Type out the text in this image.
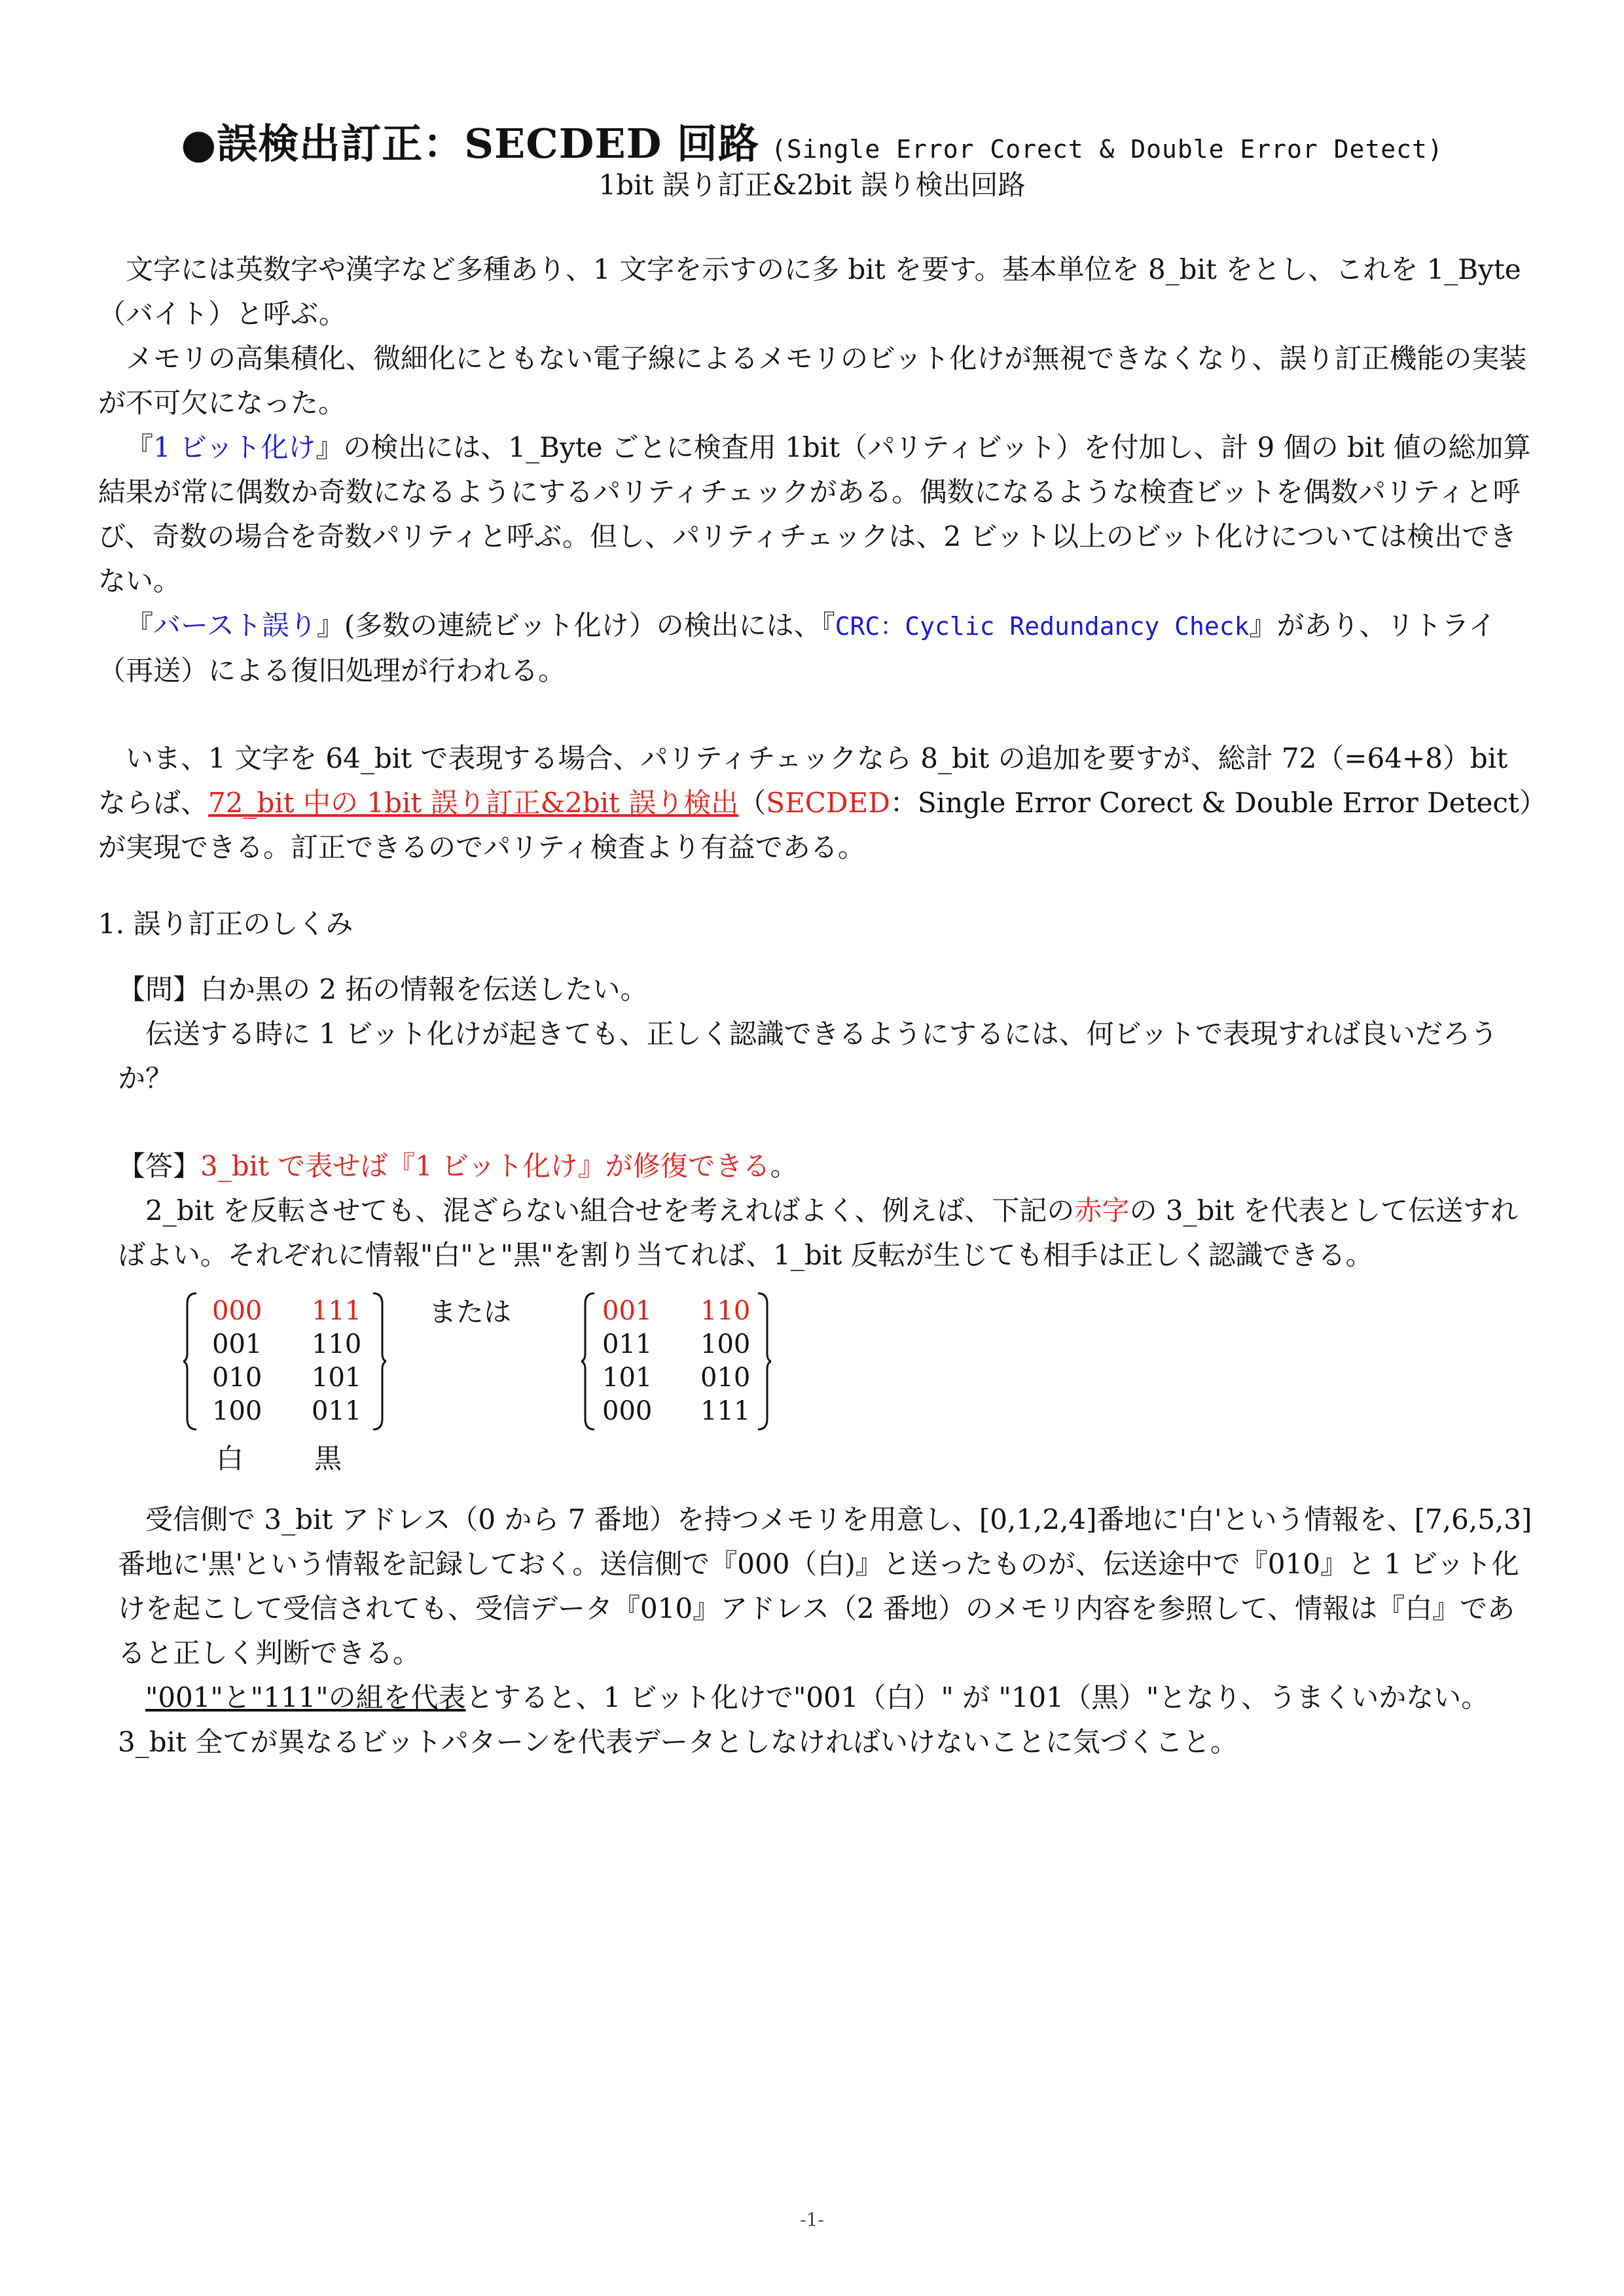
●誤検出訂正：SECDED 回路 (Single Error Corect & Double Error Detect)
1bit 誤り訂正&2bit 誤り検出回路

文字には英数字や漢字など多種あり、1 文字を示すのに多 bit を要す。基本単位を 8_bit をとし、これを 1_Byte（バイト）と呼ぶ。

メモリの高集積化、微細化にともない電子線によるメモリのビット化けが無視できなくなり、誤り訂正機能の実装が不可欠になった。

『1 ビット化け』の検出には、1_Byte ごとに検査用 1bit（パリティビット）を付加し、計 9 個の bit 値の総加算結果が常に偶数か奇数になるようにするパリティチェックがある。偶数になるような検査ビットを偶数パリティと呼び、奇数の場合を奇数パリティと呼ぶ。但し、パリティチェックは、2 ビット以上のビット化けについては検出できない。

『バースト誤り』(多数の連続ビット化け）の検出には、『CRC：Cyclic Redundancy Check』があり、リトライ（再送）による復旧処理が行われる。

いま、1 文字を 64_bit で表現する場合、パリティチェックなら 8_bit の追加を要すが、総計 72（=64+8）bit ならば、72_bit 中の 1bit 誤り訂正&2bit 誤り検出（SECDED：Single Error Corect & Double Error Detect）が実現できる。訂正できるのでパリティ検査より有益である。

1. 誤り訂正のしくみ

【問】白か黒の 2 拓の情報を伝送したい。

伝送する時に 1 ビット化けが起きても、正しく認識できるようにするには、何ビットで表現すれば良いだろうか？

【答】3_bit で表せば『1 ビット化け』が修復できる。

2_bit を反転させても、混ざらない組合せを考えればよく、例えば、下記の赤字の 3_bit を代表として伝送すればよい。それぞれに情報"白"と"黒"を割り当てれば、1_bit 反転が生じても相手は正しく認識できる。

000 111
001 110
010 101
100 011
白	黒
または	001 110
011 100
101 010
000 111

受信側で 3_bit アドレス（0 から 7 番地）を持つメモリを用意し、[0,1,2,4]番地に'白'という情報を、[7,6,5,3]番地に'黒'という情報を記録しておく。送信側で『000（白)』と送ったものが、伝送途中で『010』と 1 ビット化けを起こして受信されても、受信データ『010』アドレス（2 番地）のメモリ内容を参照して、情報は『白』であると正しく判断できる。

"001"と"111"の組を代表とすると、1 ビット化けで"001（白）" が "101（黒）"となり、うまくいかない。

3_bit 全てが異なるビットパターンを代表データとしなければいけないことに気づくこと。

-1-
